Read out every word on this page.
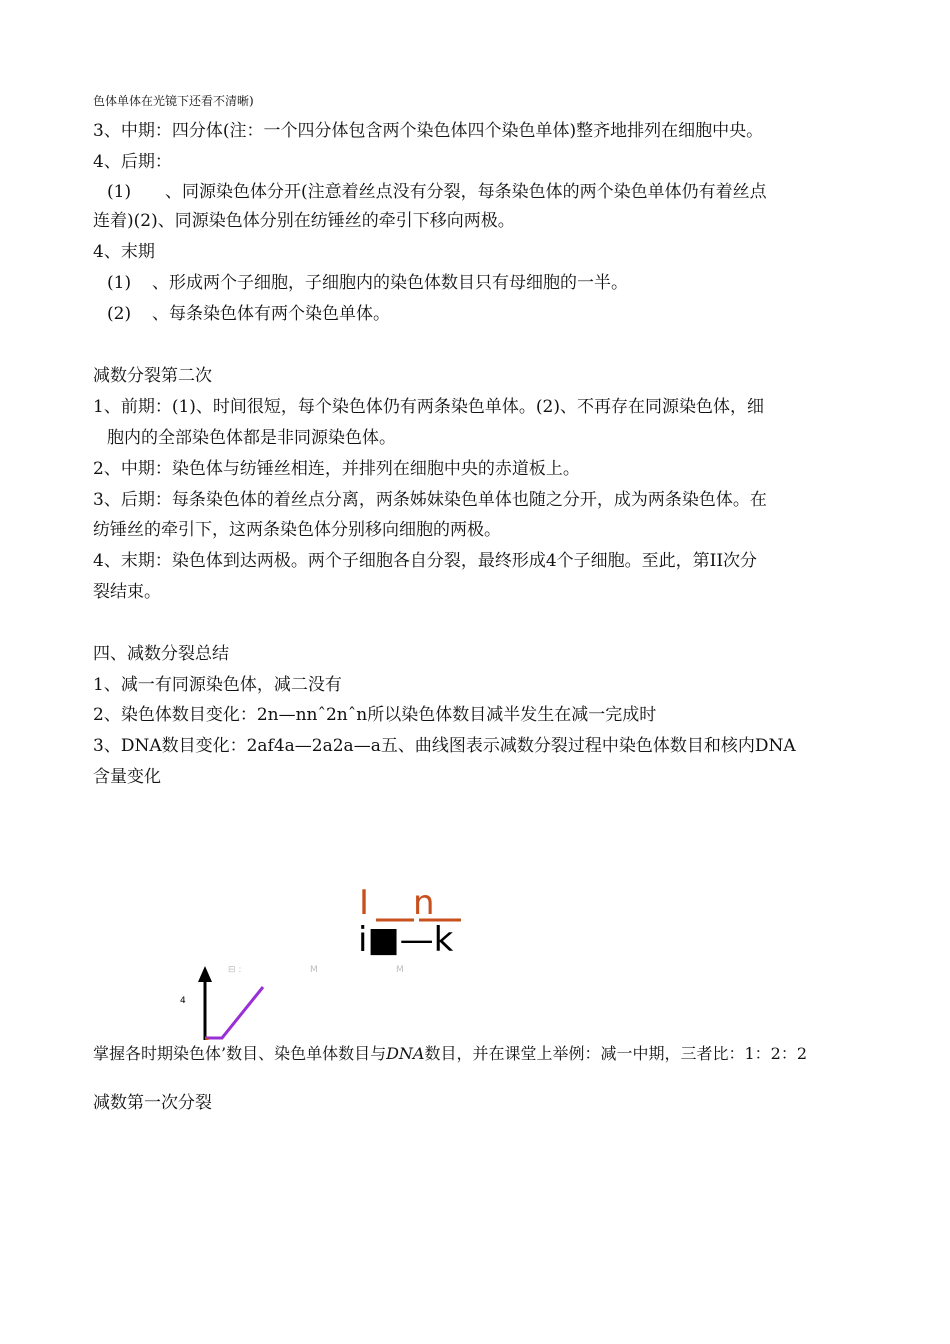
色体单体在光镜下还看不清晰)

3、中期：四分体(注：一个四分体包含两个染色体四个染色单体)整齐地排列在细胞中央。

4、后期：

(1) 、同源染色体分开(注意着丝点没有分裂，每条染色体的两个染色单体仍有着丝点

连着)(2)、同源染色体分别在纺锤丝的牵引下移向两极。

4、末期

(1) 、形成两个子细胞，子细胞内的染色体数目只有母细胞的一半。

(2) 、每条染色体有两个染色单体。

减数分裂第二次

1、前期：(1)、时间很短，每个染色体仍有两条染色单体。(2)、不再存在同源染色体，细

胞内的全部染色体都是非同源染色体。

2、中期：染色体与纺锤丝相连，并排列在细胞中央的赤道板上。

3、后期：每条染色体的着丝点分离，两条姊妹染色单体也随之分开，成为两条染色体。在

纺锤丝的牵引下，这两条染色体分别移向细胞的两极。

4、末期：染色体到达两极。两个子细胞各自分裂，最终形成4个子细胞。至此，第II次分

裂结束。

四、减数分裂总结

1、减一有同源染色体，减二没有

2、染色体数目变化：2n—nnˆ2nˆn所以染色体数目减半发生在减一完成时

3、DNA数目变化：2af4a—2a2a—a五、曲线图表示减数分裂过程中染色体数目和核内DNA

含量变化

I n
i■—k
⊟ :	M	M
4

掌握各时期染色体’数目、染色单体数目与DNA数目，并在课堂上举例：减一中期，三者比：1：2：2

减数第一次分裂
